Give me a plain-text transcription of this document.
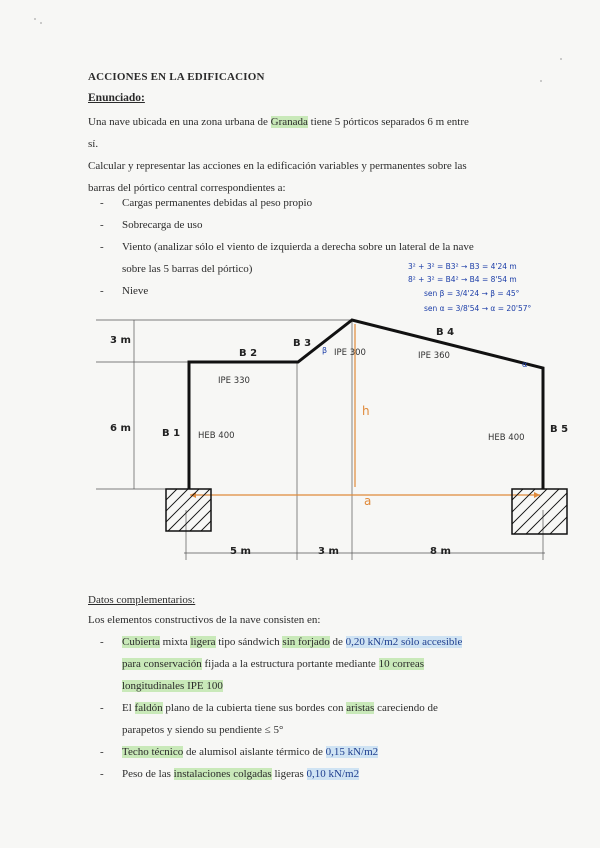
ACCIONES EN LA EDIFICACION
Enunciado:
Una nave ubicada en una zona urbana de Granada tiene 5 pórticos separados 6 m entre
sí.
Calcular y representar las acciones en la edificación variables y permanentes sobre las
barras del pórtico central correspondientes a:
- Cargas permanentes debidas al peso propio
- Sobrecarga de uso
- Viento (analizar sólo el viento de izquierda a derecha sobre un lateral de la nave
sobre las 5 barras del pórtico)
- Nieve
3² + 3² = B3² → B3 = 4'24 m
8² + 3² = B4² → B4 = 8'54 m
sen β = 3/4'24 → β = 45°
sen α = 3/8'54 → α = 20'57°
3 m
6 m	B 1
B 2
B 3
B 4
B 5
HEB 400
IPE 330
IPE 300	IPE 360
HEB 400
5 m	3 m	8 m
h
a
β
α
Datos complementarios:
Los elementos constructivos de la nave consisten en:
- Cubierta mixta ligera tipo sándwich sin forjado de 0,20 kN/m2 sólo accesible
para conservación fijada a la estructura portante mediante 10 correas
longitudinales IPE 100
- El faldón plano de la cubierta tiene sus bordes con aristas careciendo de
parapetos y siendo su pendiente ≤ 5°
- Techo técnico de alumisol aislante térmico de 0,15 kN/m2
- Peso de las instalaciones colgadas ligeras 0,10 kN/m2
